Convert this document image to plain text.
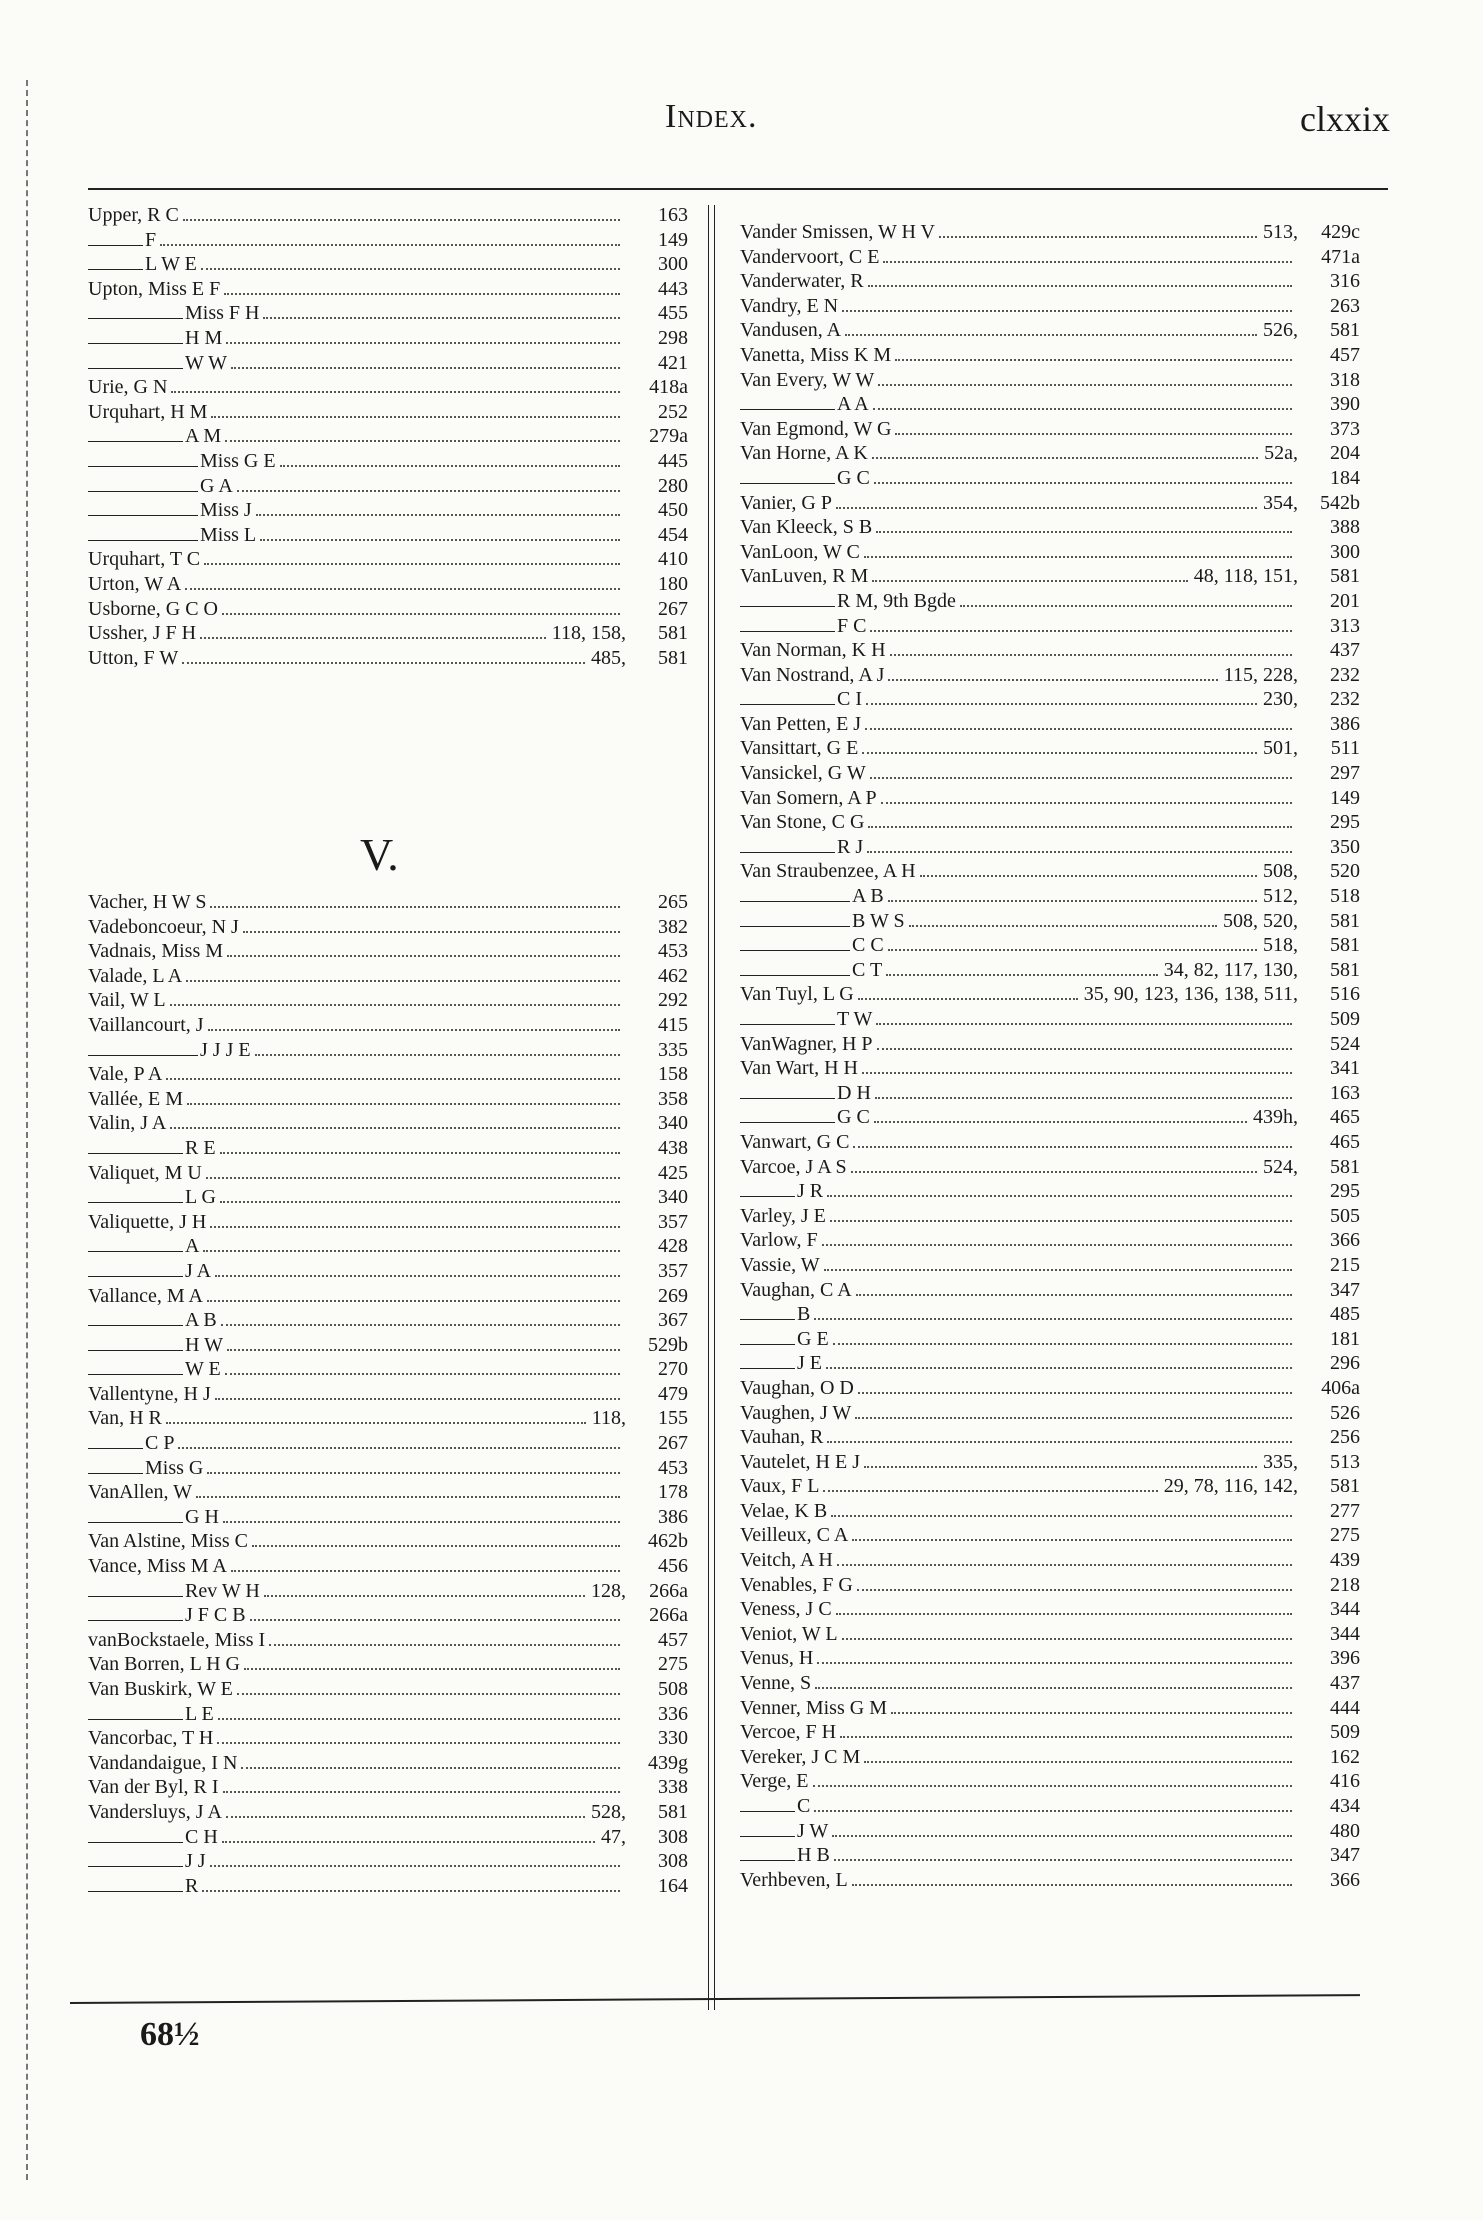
Index.	clxxix
Upper, R C	163
F	149
L W E	300
Upton, Miss E F	443
Miss F H	455
H M	298
W W	421
Urie, G N	418a
Urquhart, H M	252
A M	279a
Miss G E	445
G A	280
Miss J	450
Miss L	454
Urquhart, T C	410
Urton, W A	180
Usborne, G C O	267
Ussher, J F H	118, 158,	581
Utton, F W	485,	581
V.
Vacher, H W S	265
Vadeboncoeur, N J	382
Vadnais, Miss M	453
Valade, L A	462
Vail, W L	292
Vaillancourt, J	415
J J J E	335
Vale, P A	158
Vallée, E M	358
Valin, J A	340
R E	438
Valiquet, M U	425
L G	340
Valiquette, J H	357
A	428
J A	357
Vallance, M A	269
A B	367
H W	529b
W E	270
Vallentyne, H J	479
Van, H R	118,	155
C P	267
Miss G	453
VanAllen, W	178
G H	386
Van Alstine, Miss C	462b
Vance, Miss M A	456
Rev W H	128,	266a
J F C B	266a
vanBockstaele, Miss I	457
Van Borren, L H G	275
Van Buskirk, W E	508
L E	336
Vancorbac, T H	330
Vandandaigue, I N	439g
Van der Byl, R I	338
Vandersluys, J A	528,	581
C H	47,	308
J J	308
R	164
Vander Smissen, W H V	513,	429c
Vandervoort, C E	471a
Vanderwater, R	316
Vandry, E N	263
Vandusen, A	526,	581
Vanetta, Miss K M	457
Van Every, W W	318
A A	390
Van Egmond, W G	373
Van Horne, A K	52a,	204
G C	184
Vanier, G P	354,	542b
Van Kleeck, S B	388
VanLoon, W C	300
VanLuven, R M	48, 118, 151,	581
R M, 9th Bgde	201
F C	313
Van Norman, K H	437
Van Nostrand, A J	115, 228,	232
C I	230,	232
Van Petten, E J	386
Vansittart, G E	501,	511
Vansickel, G W	297
Van Somern, A P	149
Van Stone, C G	295
R J	350
Van Straubenzee, A H	508,	520
A B	512,	518
B W S	508, 520,	581
C C	518,	581
C T	34, 82, 117, 130,	581
Van Tuyl, L G	35, 90, 123, 136, 138, 511,	516
T W	509
VanWagner, H P	524
Van Wart, H H	341
D H	163
G C	439h,	465
Vanwart, G C	465
Varcoe, J A S	524,	581
J R	295
Varley, J E	505
Varlow, F	366
Vassie, W	215
Vaughan, C A	347
B	485
G E	181
J E	296
Vaughan, O D	406a
Vaughen, J W	526
Vauhan, R	256
Vautelet, H E J	335,	513
Vaux, F L	29, 78, 116, 142,	581
Velae, K B	277
Veilleux, C A	275
Veitch, A H	439
Venables, F G	218
Veness, J C	344
Veniot, W L	344
Venus, H	396
Venne, S	437
Venner, Miss G M	444
Vercoe, F H	509
Vereker, J C M	162
Verge, E	416
C	434
J W	480
H B	347
Verhbeven, L	366
68½
